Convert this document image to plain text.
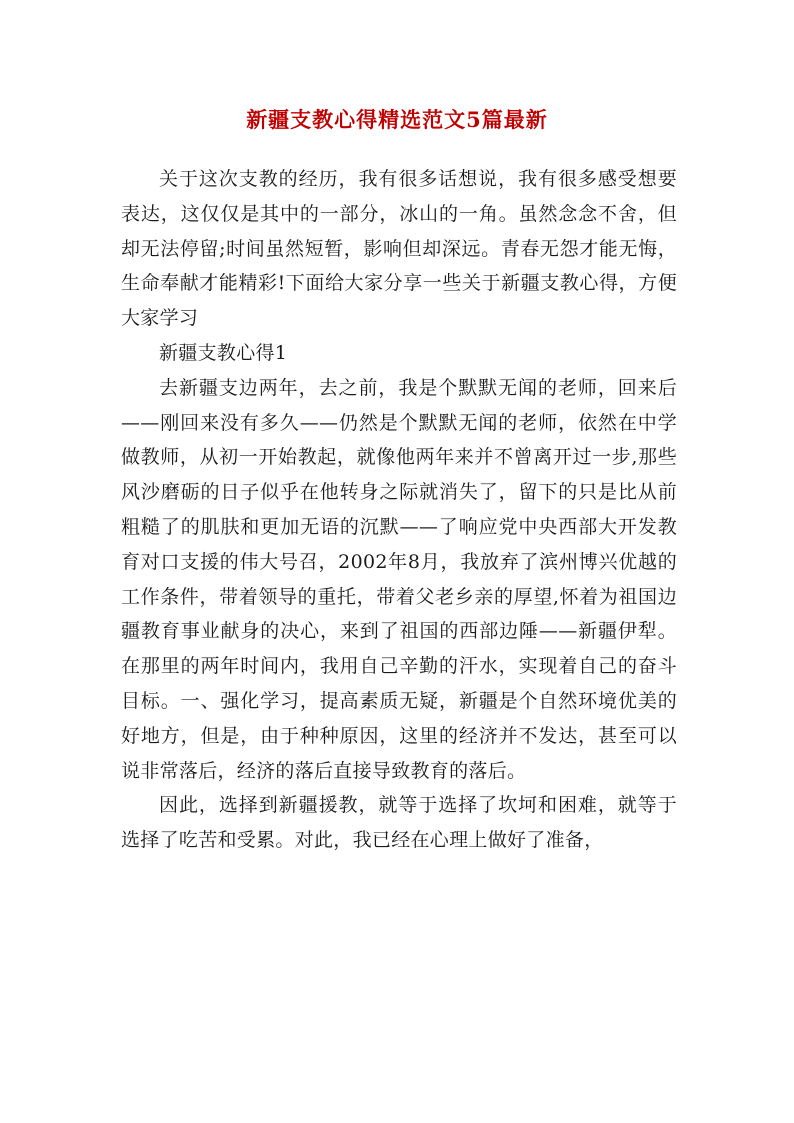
新疆支教心得精选范文5篇最新

关于这次支教的经历，我有很多话想说，我有很多感受想要表达，这仅仅是其中的一部分，冰山的一角。虽然念念不舍，但却无法停留;时间虽然短暂，影响但却深远。青春无怨才能无悔，生命奉献才能精彩!下面给大家分享一些关于新疆支教心得，方便大家学习

新疆支教心得1

去新疆支边两年，去之前，我是个默默无闻的老师，回来后——刚回来没有多久——仍然是个默默无闻的老师，依然在中学做教师，从初一开始教起，就像他两年来并不曾离开过一步,那些风沙磨砺的日子似乎在他转身之际就消失了，留下的只是比从前粗糙了的肌肤和更加无语的沉默——了响应党中央西部大开发教育对口支援的伟大号召，2002年8月，我放弃了滨州博兴优越的工作条件，带着领导的重托，带着父老乡亲的厚望,怀着为祖国边疆教育事业献身的决心，来到了祖国的西部边陲——新疆伊犁。在那里的两年时间内，我用自己辛勤的汗水，实现着自己的奋斗目标。一、强化学习，提高素质无疑，新疆是个自然环境优美的好地方，但是，由于种种原因，这里的经济并不发达，甚至可以说非常落后，经济的落后直接导致教育的落后。

因此，选择到新疆援教，就等于选择了坎坷和困难，就等于选择了吃苦和受累。对此，我已经在心理上做好了准备，
